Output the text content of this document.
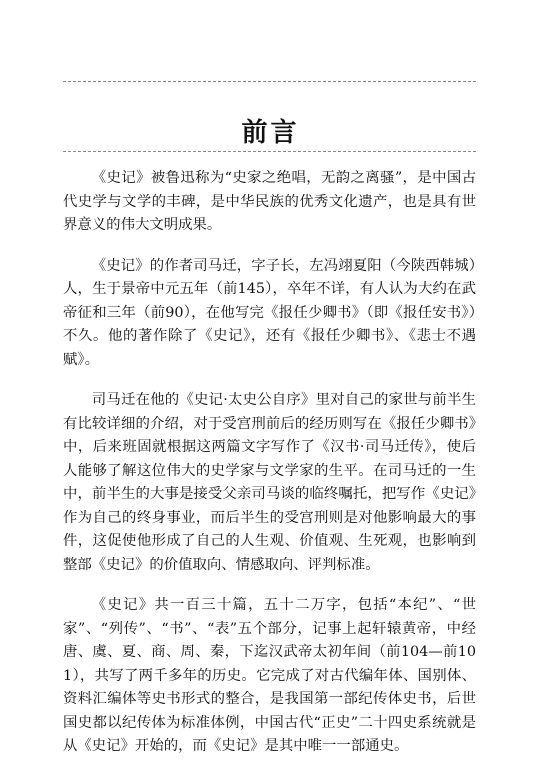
前言

《史记》被鲁迅称为“史家之绝唱，无韵之离骚”，是中国古代史学与文学的丰碑，是中华民族的优秀文化遗产，也是具有世界意义的伟大文明成果。

《史记》的作者司马迁，字子长，左冯翊夏阳（今陕西韩城）人，生于景帝中元五年（前145），卒年不详，有人认为大约在武帝征和三年（前90），在他写完《报任少卿书》（即《报任安书》）不久。他的著作除了《史记》，还有《报任少卿书》、《悲士不遇赋》。

司马迁在他的《史记·太史公自序》里对自己的家世与前半生有比较详细的介绍，对于受宫刑前后的经历则写在《报任少卿书》中，后来班固就根据这两篇文字写作了《汉书·司马迁传》，使后人能够了解这位伟大的史学家与文学家的生平。在司马迁的一生中，前半生的大事是接受父亲司马谈的临终嘱托，把写作《史记》作为自己的终身事业，而后半生的受宫刑则是对他影响最大的事件，这促使他形成了自己的人生观、价值观、生死观，也影响到整部《史记》的价值取向、情感取向、评判标准。

《史记》共一百三十篇，五十二万字，包括“本纪”、“世家”、“列传”、“书”、“表”五个部分，记事上起轩辕黄帝，中经唐、虞、夏、商、周、秦，下迄汉武帝太初年间（前104—前101），共写了两千多年的历史。它完成了对古代编年体、国别体、资料汇编体等史书形式的整合，是我国第一部纪传体史书，后世国史都以纪传体为标准体例，中国古代“正史”二十四史系统就是从《史记》开始的，而《史记》是其中唯一一部通史。
